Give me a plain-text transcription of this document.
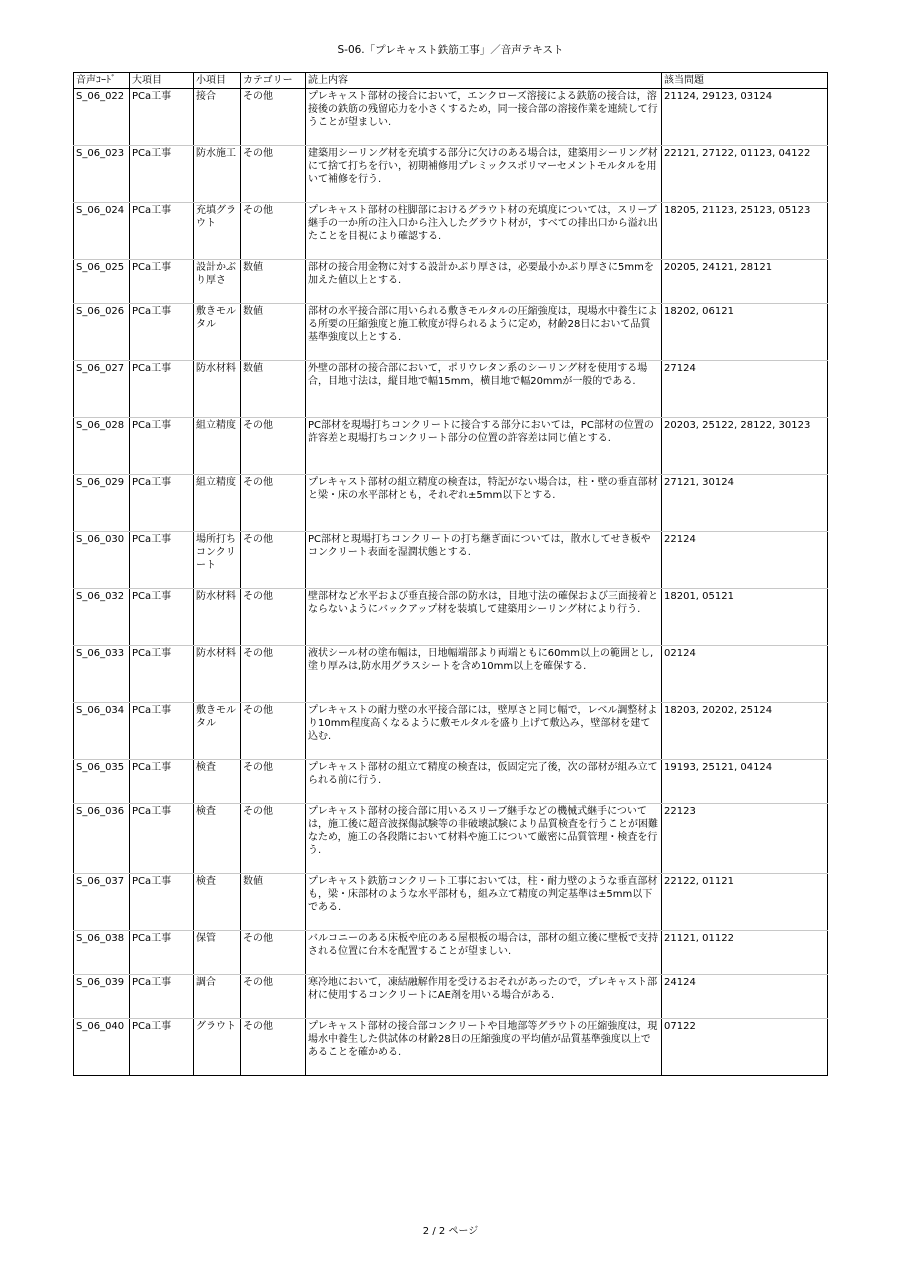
S-06.「プレキャスト鉄筋工事」／音声テキスト
音声ｺｰﾄﾞ	大項目	小項目	カテゴリー	読上内容	該当問題
S_06_022	PCa工事	接合	その他	プレキャスト部材の接合において，エンクローズ溶接による鉄筋の接合は，溶接後の鉄筋の残留応力を小さくするため，同一接合部の溶接作業を連続して行うことが望ましい.	21124, 29123, 03124
S_06_023	PCa工事	防水施工	その他	建築用シーリング材を充填する部分に欠けのある場合は，建築用シーリング材にて捨て打ちを行い，初期補修用プレミックスポリマーセメントモルタルを用いて補修を行う.	22121, 27122, 01123, 04122
S_06_024	PCa工事	充填グラウト	その他	プレキャスト部材の柱脚部におけるグラウト材の充填度については，スリーブ継手の一か所の注入口から注入したグラウト材が，すべての排出口から溢れ出たことを目視により確認する.	18205, 21123, 25123, 05123
S_06_025	PCa工事	設計かぶり厚さ	数値	部材の接合用金物に対する設計かぶり厚さは，必要最小かぶり厚さに5mmを加えた値以上とする.	20205, 24121, 28121
S_06_026	PCa工事	敷きモルタル	数値	部材の水平接合部に用いられる敷きモルタルの圧縮強度は，現場水中養生による所要の圧縮強度と施工軟度が得られるように定め，材齢28日において品質基準強度以上とする.	18202, 06121
S_06_027	PCa工事	防水材料	数値	外壁の部材の接合部において，ポリウレタン系のシーリング材を使用する場合，目地寸法は，縦目地で幅15mm，横目地で幅20mmが一般的である.	27124
S_06_028	PCa工事	組立精度	その他	PC部材を現場打ちコンクリートに接合する部分においては，PC部材の位置の許容差と現場打ちコンクリート部分の位置の許容差は同じ値とする.	20203, 25122, 28122, 30123
S_06_029	PCa工事	組立精度	その他	プレキャスト部材の組立精度の検査は，特記がない場合は，柱・壁の垂直部材と梁・床の水平部材とも，それぞれ±5mm以下とする.	27121, 30124
S_06_030	PCa工事	場所打ちコンクリート	その他	PC部材と現場打ちコンクリートの打ち継ぎ面については，散水してせき板やコンクリート表面を湿潤状態とする.	22124
S_06_032	PCa工事	防水材料	その他	壁部材など水平および垂直接合部の防水は，目地寸法の確保および三面接着とならないようにバックアップ材を装填して建築用シーリング材により行う.	18201, 05121
S_06_033	PCa工事	防水材料	その他	液状シール材の塗布幅は，日地幅端部より両端ともに60mm以上の範囲とし,塗り厚みは,防水用グラスシートを含め10mm以上を確保する.	02124
S_06_034	PCa工事	敷きモルタル	その他	プレキャストの耐力壁の水平接合部には，壁厚さと同じ幅で，レベル調整材より10mm程度高くなるように敷モルタルを盛り上げて敷込み，壁部材を建て込む.	18203, 20202, 25124
S_06_035	PCa工事	検査	その他	プレキャスト部材の組立て精度の検査は，仮固定完了後，次の部材が組み立てられる前に行う.	19193, 25121, 04124
S_06_036	PCa工事	検査	その他	プレキャスト部材の接合部に用いるスリーブ継手などの機械式継手については，施工後に超音波探傷試験等の非破壊試験により品質検査を行うことが困難なため，施工の各段階において材料や施工について厳密に品質管理・検査を行う.	22123
S_06_037	PCa工事	検査	数値	プレキャスト鉄筋コンクリート工事においては，柱・耐力壁のような垂直部材も，梁・床部材のような水平部材も，組み立て精度の判定基準は±5mm以下である.	22122, 01121
S_06_038	PCa工事	保管	その他	バルコニーのある床板や庇のある屋根板の場合は，部材の組立後に壁板で支持される位置に台木を配置することが望ましい.	21121, 01122
S_06_039	PCa工事	調合	その他	寒冷地において，凍結融解作用を受けるおそれがあったので，プレキャスト部材に使用するコンクリートにAE剤を用いる場合がある.	24124
S_06_040	PCa工事	グラウト	その他	プレキャスト部材の接合部コンクリートや目地部等グラウトの圧縮強度は，現場水中養生した供試体の材齢28日の圧縮強度の平均値が品質基準強度以上であることを確かめる.	07122
2 / 2 ページ
